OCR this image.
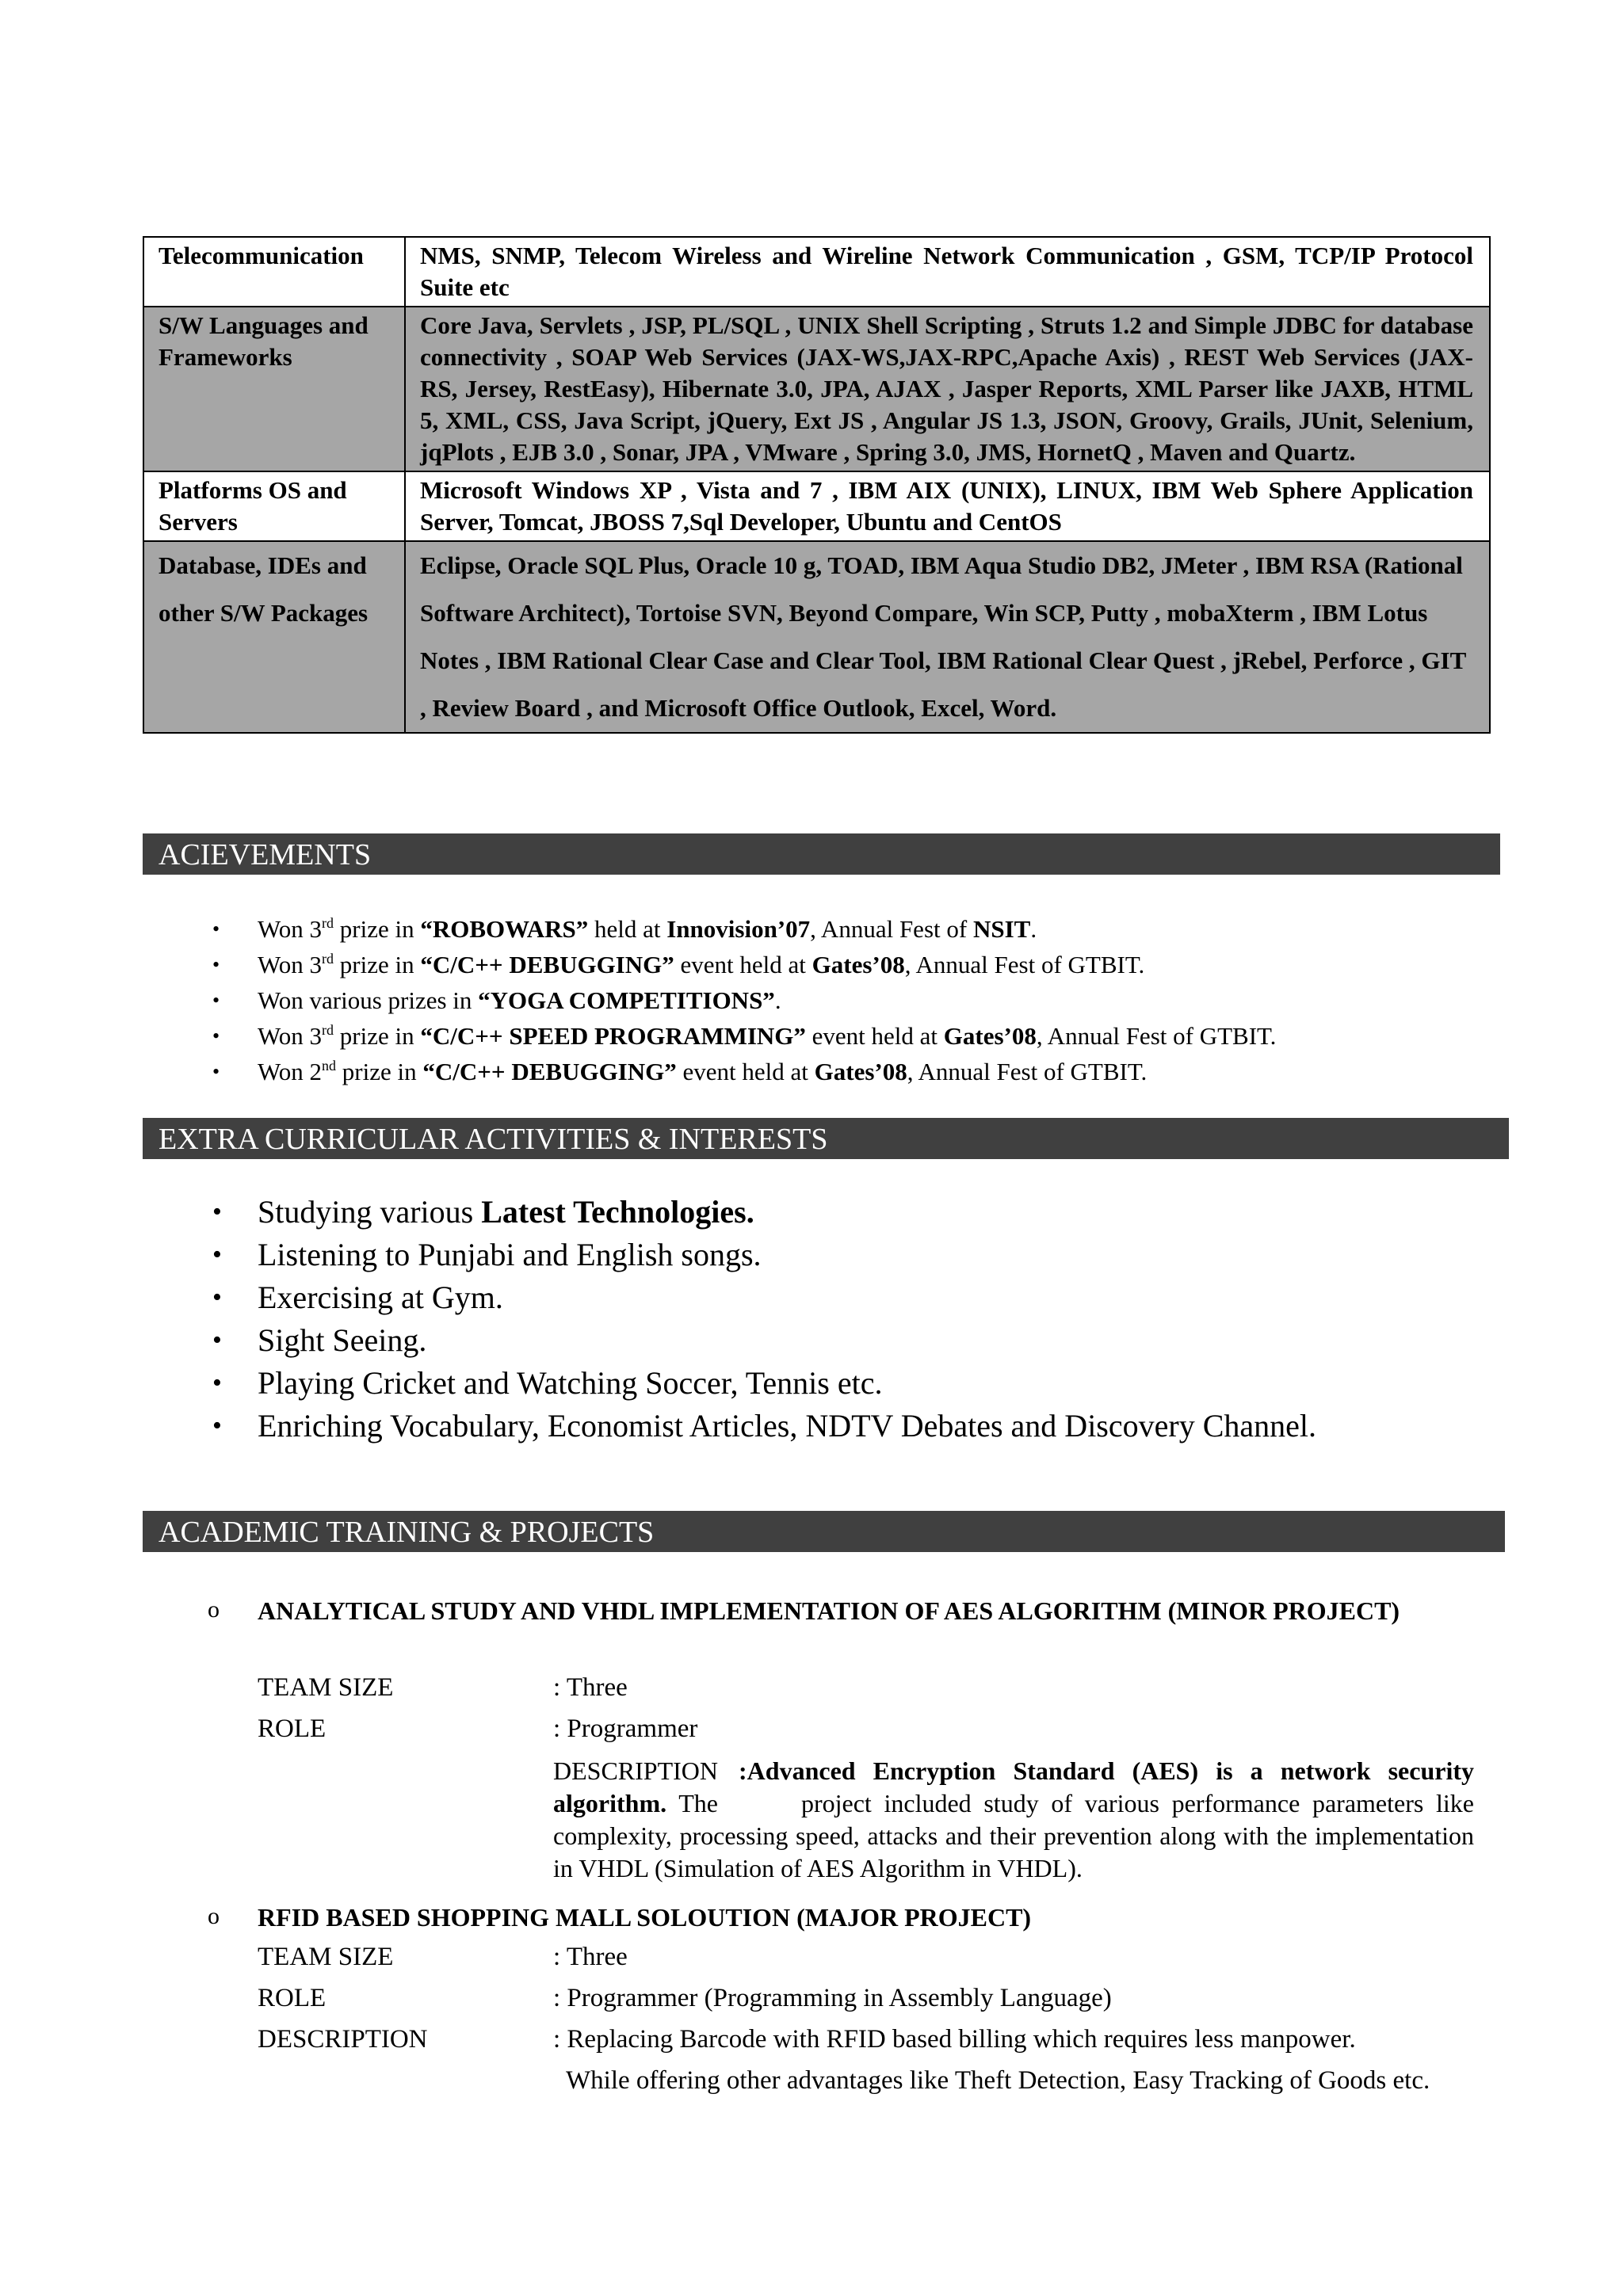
Telecommunication	NMS, SNMP, Telecom Wireless and Wireline Network Communication , GSM, TCP/IP Protocol Suite etc
S/W Languages and Frameworks	Core Java, Servlets , JSP, PL/SQL , UNIX Shell Scripting , Struts 1.2 and Simple JDBC for database connectivity , SOAP Web Services (JAX-WS,JAX-RPC,Apache Axis) , REST Web Services (JAX-RS, Jersey, RestEasy), Hibernate 3.0, JPA, AJAX , Jasper Reports, XML Parser like JAXB, HTML 5, XML, CSS, Java Script, jQuery, Ext JS , Angular JS 1.3, JSON, Groovy, Grails, JUnit, Selenium, jqPlots , EJB 3.0 , Sonar, JPA , VMware , Spring 3.0, JMS, HornetQ , Maven and Quartz.
Platforms OS and Servers	Microsoft Windows XP , Vista and 7 , IBM AIX (UNIX), LINUX, IBM Web Sphere Application Server, Tomcat, JBOSS 7,Sql Developer, Ubuntu and CentOS
Database, IDEs and other S/W Packages	Eclipse, Oracle SQL Plus, Oracle 10 g, TOAD, IBM Aqua Studio DB2, JMeter , IBM RSA (Rational Software Architect), Tortoise SVN, Beyond Compare, Win SCP, Putty , mobaXterm , IBM Lotus Notes , IBM Rational Clear Case and Clear Tool, IBM Rational Clear Quest , jRebel, Perforce , GIT , Review Board , and Microsoft Office Outlook, Excel, Word.
ACIEVEMENTS
• Won 3rd prize in “ROBOWARS” held at Innovision’07, Annual Fest of NSIT.
• Won 3rd prize in “C/C++ DEBUGGING” event held at Gates’08, Annual Fest of GTBIT.
• Won various prizes in “YOGA COMPETITIONS”.
• Won 3rd prize in “C/C++ SPEED PROGRAMMING” event held at Gates’08, Annual Fest of GTBIT.
• Won 2nd prize in “C/C++ DEBUGGING” event held at Gates’08, Annual Fest of GTBIT.
EXTRA CURRICULAR ACTIVITIES & INTERESTS
• Studying various Latest Technologies.
• Listening to Punjabi and English songs.
• Exercising at Gym.
• Sight Seeing.
• Playing Cricket and Watching Soccer, Tennis etc.
• Enriching Vocabulary, Economist Articles, NDTV Debates and Discovery Channel.
ACADEMIC TRAINING & PROJECTS
o ANALYTICAL STUDY AND VHDL IMPLEMENTATION OF AES ALGORITHM (MINOR PROJECT)
TEAM SIZE	: Three
ROLE	: Programmer
DESCRIPTION :Advanced Encryption Standard (AES) is a network security algorithm. The	project included study of various performance parameters like complexity, processing speed, attacks and their prevention along with the implementation in VHDL (Simulation of AES Algorithm in VHDL).
o RFID BASED SHOPPING MALL SOLOUTION (MAJOR PROJECT)
TEAM SIZE	: Three
ROLE	: Programmer (Programming in Assembly Language)
DESCRIPTION	: Replacing Barcode with RFID based billing which requires less manpower.
While offering other advantages like Theft Detection, Easy Tracking of Goods etc.
